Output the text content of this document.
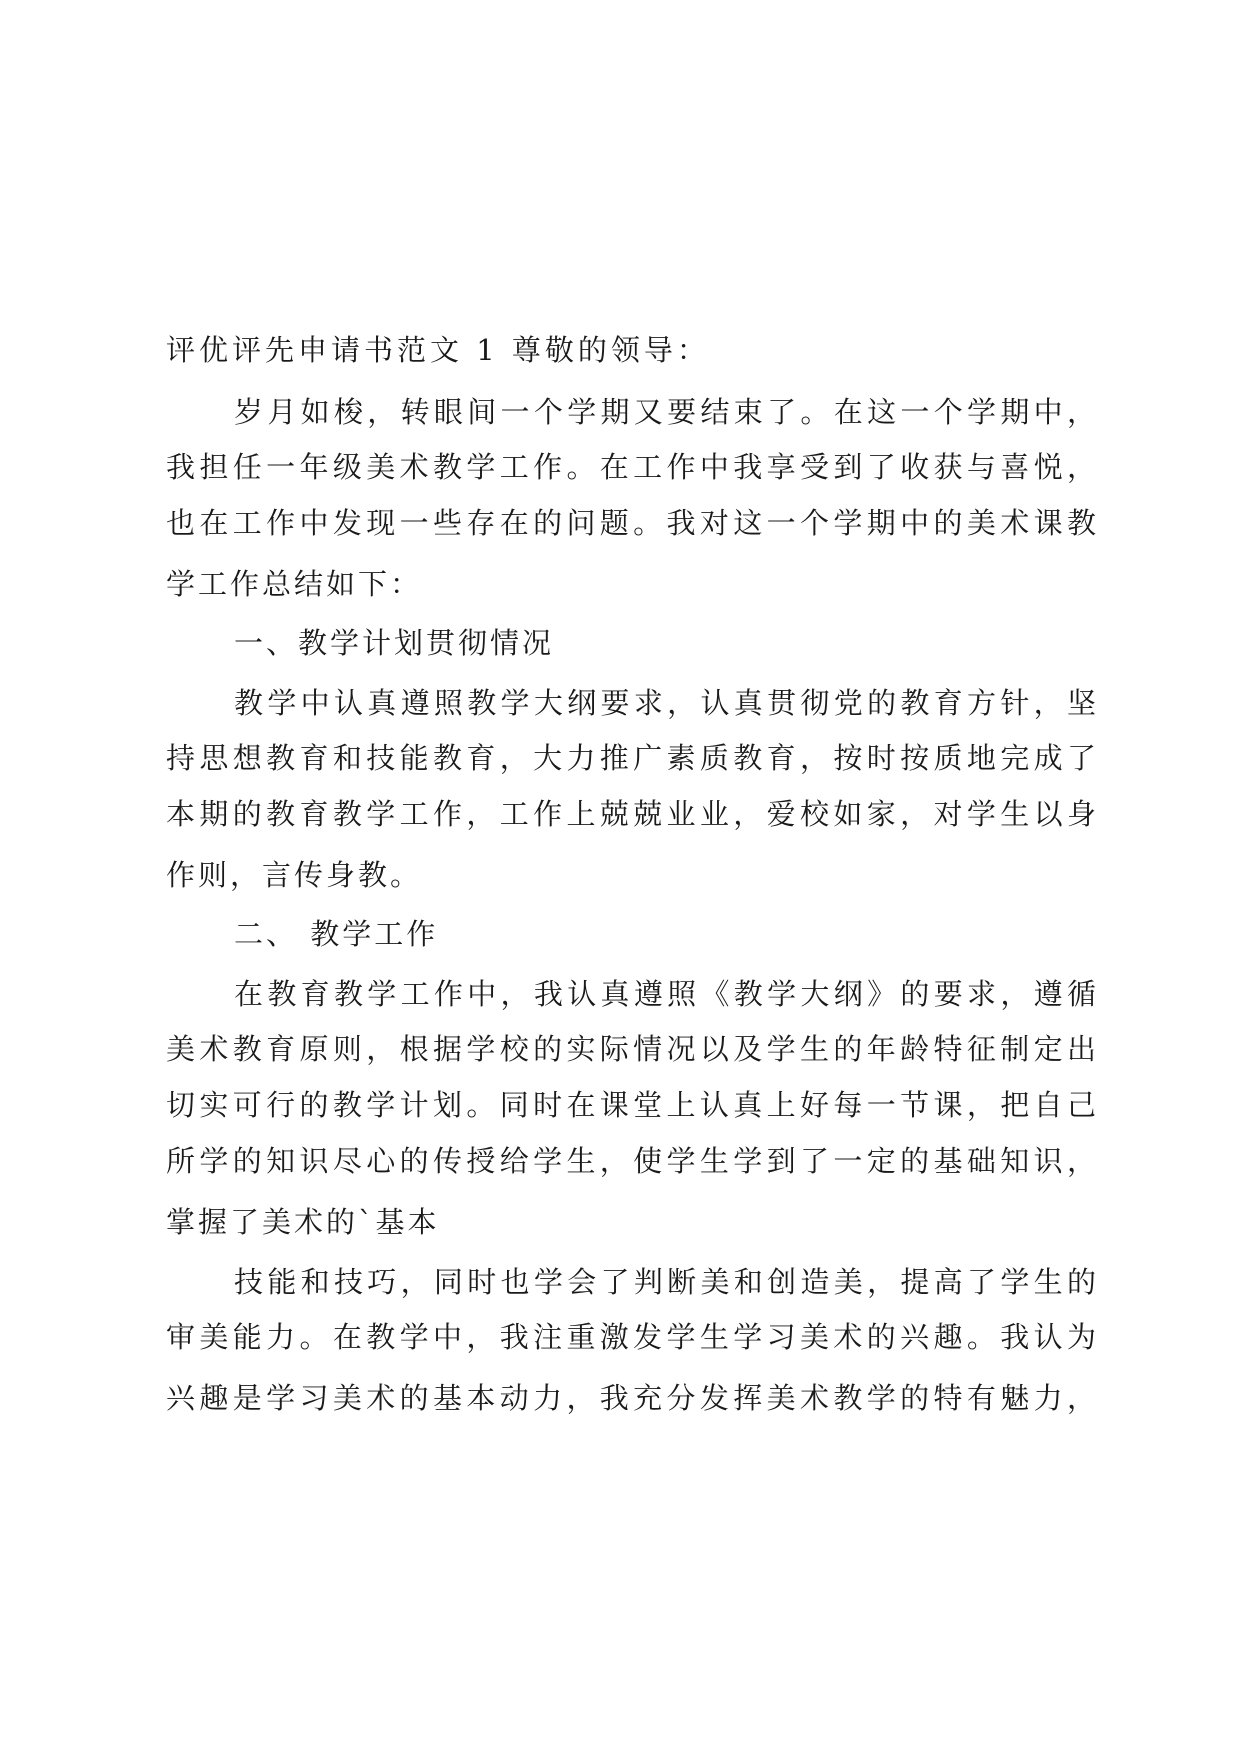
评优评先申请书范文 1 尊敬的领导：

岁月如梭，转眼间一个学期又要结束了。在这一个学期中，

我担任一年级美术教学工作。在工作中我享受到了收获与喜悦，

也在工作中发现一些存在的问题。我对这一个学期中的美术课教

学工作总结如下：

一、教学计划贯彻情况

教学中认真遵照教学大纲要求，认真贯彻党的教育方针，坚

持思想教育和技能教育，大力推广素质教育，按时按质地完成了

本期的教育教学工作，工作上兢兢业业，爱校如家，对学生以身

作则，言传身教。

二、 教学工作

在教育教学工作中，我认真遵照《教学大纲》的要求，遵循

美术教育原则，根据学校的实际情况以及学生的年龄特征制定出

切实可行的教学计划。同时在课堂上认真上好每一节课，把自己

所学的知识尽心的传授给学生，使学生学到了一定的基础知识，

掌握了美术的`基本

技能和技巧，同时也学会了判断美和创造美，提高了学生的

审美能力。在教学中，我注重激发学生学习美术的兴趣。我认为

兴趣是学习美术的基本动力，我充分发挥美术教学的特有魅力，
